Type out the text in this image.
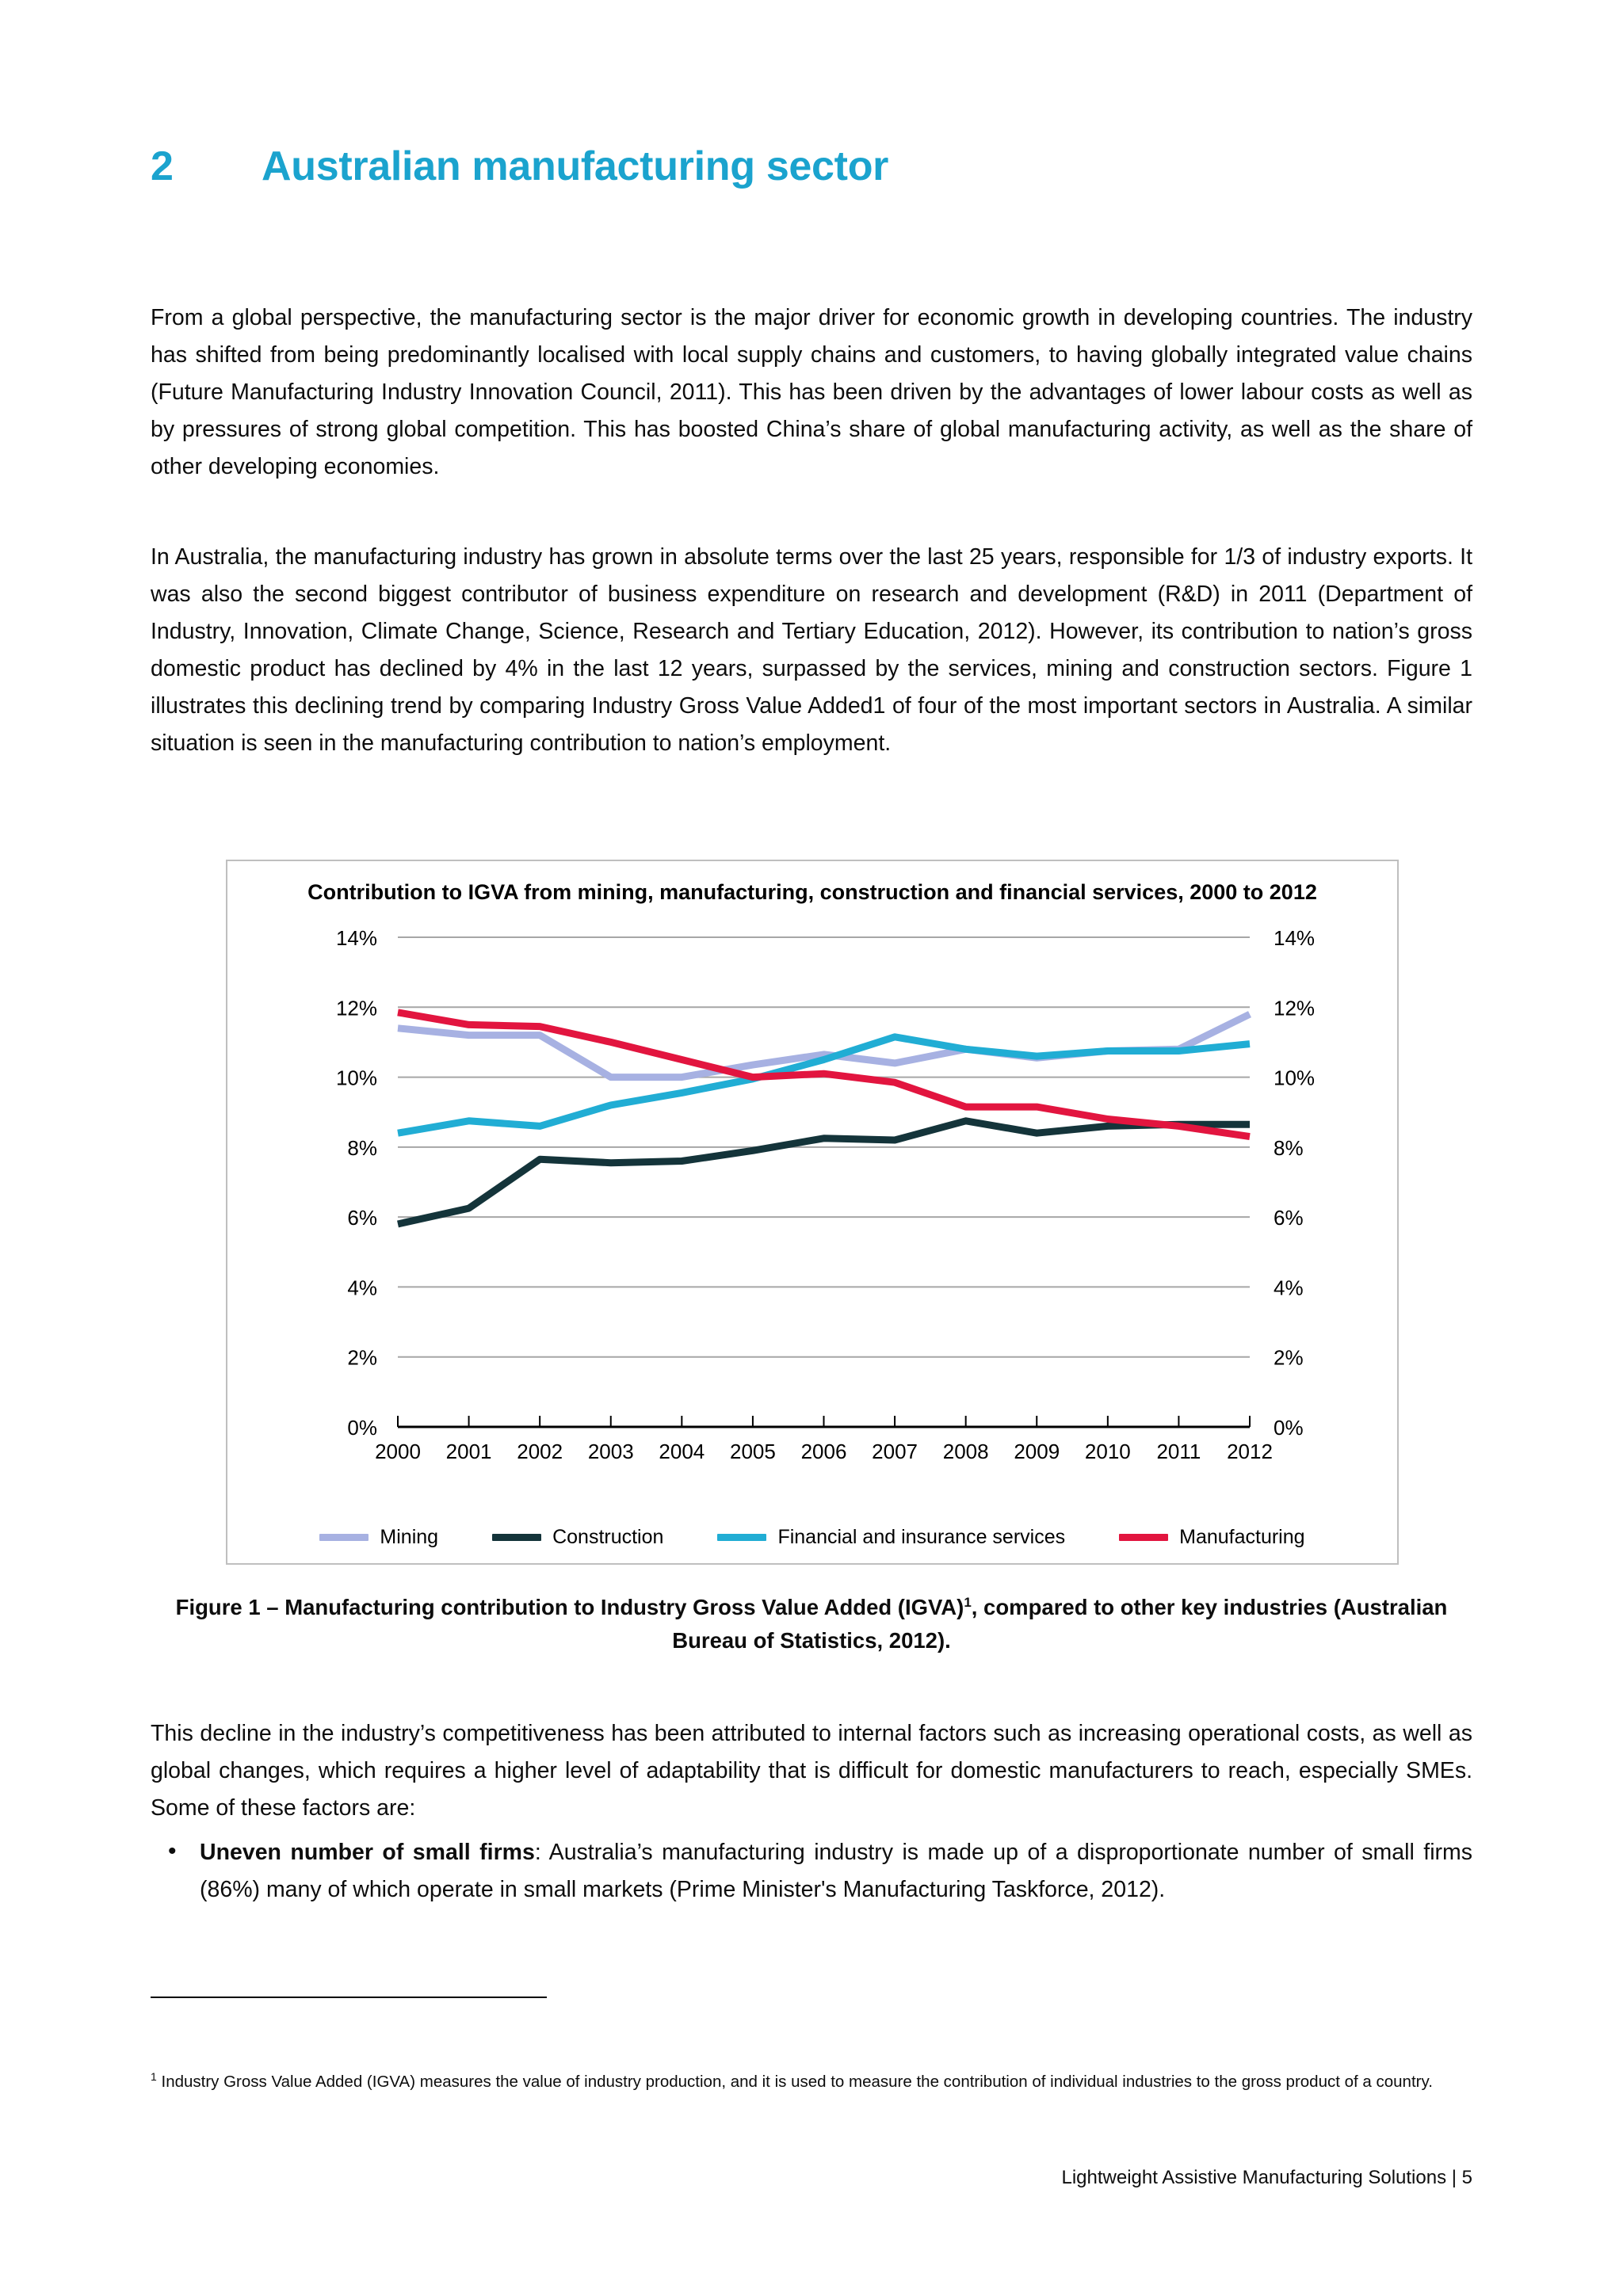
2	Australian manufacturing sector
From a global perspective, the manufacturing sector is the major driver for economic growth in developing countries. The industry has shifted from being predominantly localised with local supply chains and customers, to having globally integrated value chains (Future Manufacturing Industry Innovation Council, 2011). This has been driven by the advantages of lower labour costs as well as by pressures of strong global competition. This has boosted China’s share of global manufacturing activity, as well as the share of other developing economies.
In Australia, the manufacturing industry has grown in absolute terms over the last 25 years, responsible for 1/3 of industry exports. It was also the second biggest contributor of business expenditure on research and development (R&D) in 2011 (Department of Industry, Innovation, Climate Change, Science, Research and Tertiary Education, 2012). However, its contribution to nation’s gross domestic product has declined by 4% in the last 12 years, surpassed by the services, mining and construction sectors. Figure 1 illustrates this declining trend by comparing Industry Gross Value Added1 of four of the most important sectors in Australia. A similar situation is seen in the manufacturing contribution to nation’s employment.
Contribution to IGVA from mining, manufacturing, construction and financial services, 2000 to 2012
0%	0%
2%	2%
4%	4%
6%	6%
8%	8%
10%	10%
12%	12%
14%	14%
2000 2001 2002 2003 2004 2005 2006 2007 2008 2009 2010 2011 2012
Mining	Construction	Financial and insurance services	Manufacturing
Figure 1 – Manufacturing contribution to Industry Gross Value Added (IGVA)$^1$, compared to other key industries (Australian Bureau of Statistics, 2012).
This decline in the industry’s competitiveness has been attributed to internal factors such as increasing operational costs, as well as global changes, which requires a higher level of adaptability that is difficult for domestic manufacturers to reach, especially SMEs. Some of these factors are:
• Uneven number of small firms: Australia’s manufacturing industry is made up of a disproportionate number of small firms (86%) many of which operate in small markets (Prime Minister's Manufacturing Taskforce, 2012).
$^1$ Industry Gross Value Added (IGVA) measures the value of industry production, and it is used to measure the contribution of individual industries to the gross product of a country.
Lightweight Assistive Manufacturing Solutions | 5
